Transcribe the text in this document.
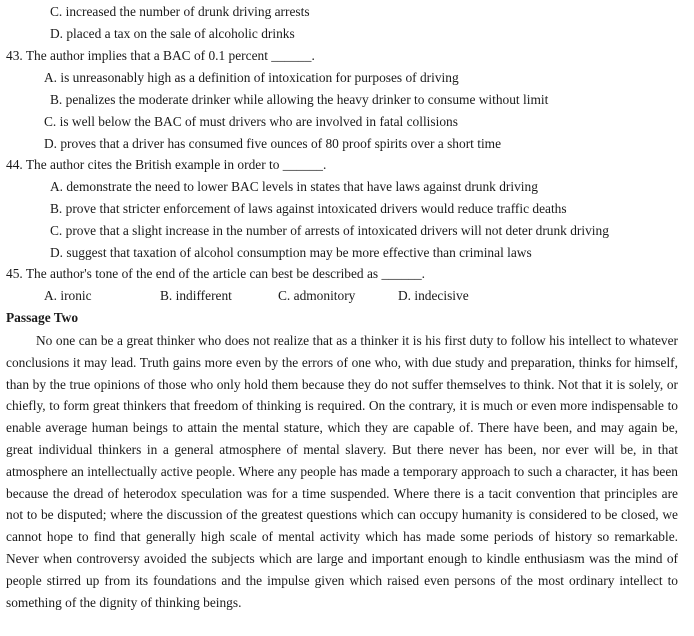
C. increased the number of drunk driving arrests
D. placed a tax on the sale of alcoholic drinks
43. The author implies that a BAC of 0.1 percent ______.
A. is unreasonably high as a definition of intoxication for purposes of driving
B. penalizes the moderate drinker while allowing the heavy drinker to consume without limit
C. is well below the BAC of must drivers who are involved in fatal collisions
D. proves that a driver has consumed five ounces of 80 proof spirits over a short time
44. The author cites the British example in order to ______.
A. demonstrate the need to lower BAC levels in states that have laws against drunk driving
B. prove that stricter enforcement of laws against intoxicated drivers would reduce traffic deaths
C. prove that a slight increase in the number of arrests of intoxicated drivers will not deter drunk driving
D. suggest that taxation of alcohol consumption may be more effective than criminal laws
45. The author's tone of the end of the article can best be described as ______.
A. ironic	B. indifferent	C. admonitory	D. indecisive
Passage Two

No one can be a great thinker who does not realize that as a thinker it is his first duty to follow his intellect to whatever conclusions it may lead. Truth gains more even by the errors of one who, with due study and preparation, thinks for himself, than by the true opinions of those who only hold them because they do not suffer themselves to think. Not that it is solely, or chiefly, to form great thinkers that freedom of thinking is required. On the contrary, it is much or even more indispensable to enable average human beings to attain the mental stature, which they are capable of. There have been, and may again be, great individual thinkers in a general atmosphere of mental slavery. But there never has been, nor ever will be, in that atmosphere an intellectually active people. Where any people has made a temporary approach to such a character, it has been because the dread of heterodox speculation was for a time suspended. Where there is a tacit convention that principles are not to be disputed; where the discussion of the greatest questions which can occupy humanity is considered to be closed, we cannot hope to find that generally high scale of mental activity which has made some periods of history so remarkable. Never when controversy avoided the subjects which are large and important enough to kindle enthusiasm was the mind of people stirred up from its foundations and the impulse given which raised even persons of the most ordinary intellect to something of the dignity of thinking beings.
